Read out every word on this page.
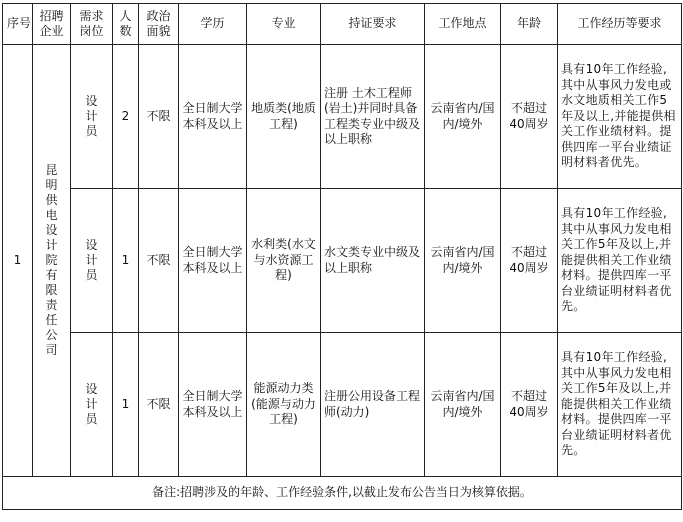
序号	招聘企业	需求岗位	人数	政治面貌	学历	专业	持证要求	工作地点	年龄	工作经历等要求
1	昆明供电设计院有限责任公司	设计员	2	不限	全日制大学本科及以上	地质类(地质工程)	注册 土木工程师(岩土)并同时具备工程类专业中级及以上职称	云南省内/国内/境外	不超过40周岁	具有10年工作经验,其中从事风力发电或水文地质相关工作5年及以上,并能提供相关工作业绩材料。提供四库一平台业绩证明材料者优先。
		设计员	1	不限	全日制大学本科及以上	水利类(水文与水资源工程)	水文类专业中级及以上职称	云南省内/国内/境外	不超过40周岁	具有10年工作经验,其中从事风力发电相关工作5年及以上,并能提供相关工作业绩材料。提供四库一平台业绩证明材料者优先。
		设计员	1	不限	全日制大学本科及以上	能源动力类(能源与动力工程)	注册公用设备工程师(动力)	云南省内/国内/境外	不超过40周岁	具有10年工作经验,其中从事风力发电相关工作5年及以上,并能提供相关工作业绩材料。提供四库一平台业绩证明材料者优先。
备注:招聘涉及的年龄、工作经验条件,以截止发布公告当日为核算依据。										
